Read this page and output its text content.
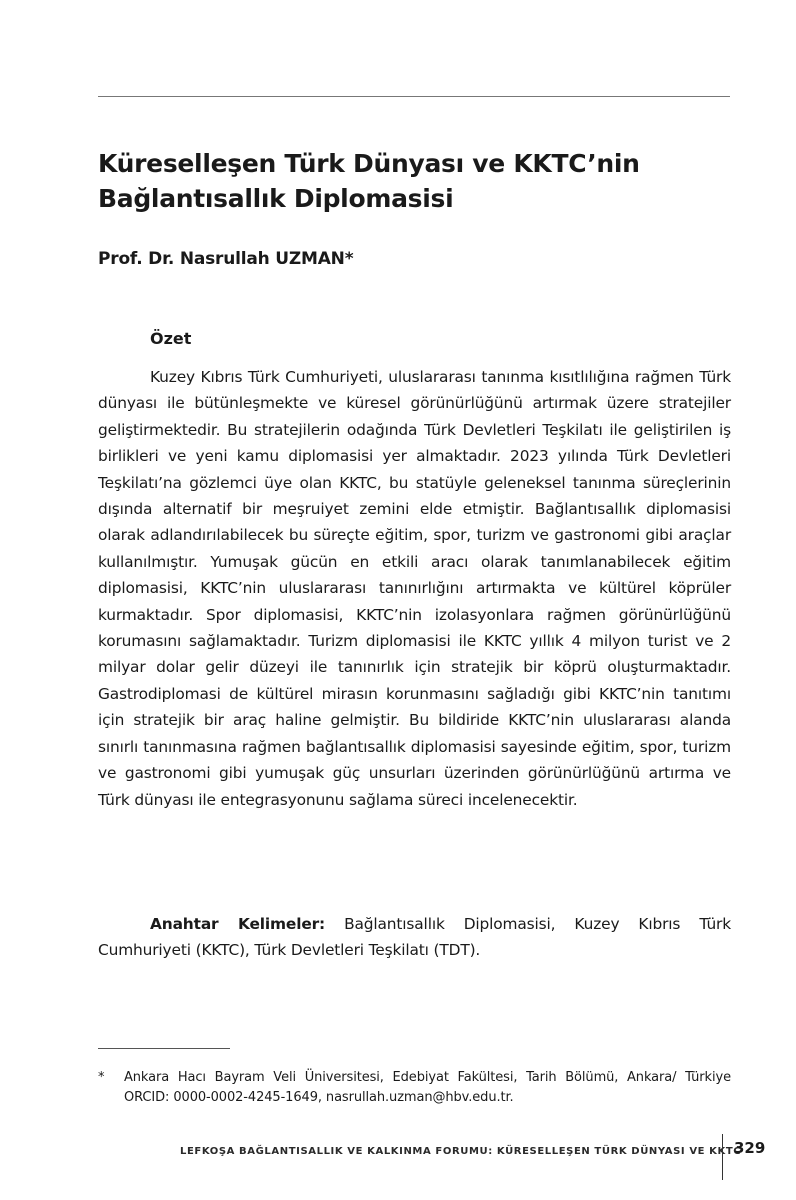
Küreselleşen Türk Dünyası ve KKTC’nin
Bağlantısallık Diplomasisi

Prof. Dr. Nasrullah UZMAN*

Özet

Kuzey Kıbrıs Türk Cumhuriyeti, uluslararası tanınma kısıtlılığına rağmen Türk dünyası ile bütünleşmekte ve küresel görünürlüğünü artırmak üzere stratejiler geliştirmektedir. Bu stratejilerin odağında Türk Devletleri Teşkilatı ile geliştirilen iş birlikleri ve yeni kamu diplomasisi yer almaktadır. 2023 yılında Türk Devletleri Teşkilatı’na gözlemci üye olan KKTC, bu statüyle geleneksel tanınma süreçlerinin dışında alternatif bir meşruiyet zemini elde etmiştir. Bağlantısallık diplomasisi olarak adlandırılabilecek bu süreçte eğitim, spor, turizm ve gastronomi gibi araçlar kullanılmıştır. Yumuşak gücün en etkili aracı olarak tanımlanabilecek eğitim diplomasisi, KKTC’nin uluslararası tanınırlığını artırmakta ve kültürel köprüler kurmaktadır. Spor diplomasisi, KKTC’nin izolasyonlara rağmen görünürlüğünü korumasını sağlamaktadır. Turizm diplomasisi ile KKTC yıllık 4 milyon turist ve 2 milyar dolar gelir düzeyi ile tanınırlık için stratejik bir köprü oluşturmaktadır. Gastrodiplomasi de kültürel mirasın korunmasını sağladığı gibi KKTC’nin tanıtımı için stratejik bir araç haline gelmiştir. Bu bildiride KKTC’nin uluslararası alanda sınırlı tanınmasına rağmen bağlantısallık diplomasisi sayesinde eğitim, spor, turizm ve gastronomi gibi yumuşak güç unsurları üzerinden görünürlüğünü artırma ve Türk dünyası ile entegrasyonunu sağlama süreci incelenecektir.

Anahtar Kelimeler: Bağlantısallık Diplomasisi, Kuzey Kıbrıs Türk Cumhuriyeti (KKTC), Türk Devletleri Teşkilatı (TDT).

* Ankara Hacı Bayram Veli Üniversitesi, Edebiyat Fakültesi, Tarih Bölümü, Ankara/ Türkiye ORCID: 0000-0002-4245-1649, nasrullah.uzman@hbv.edu.tr.
LEFKOŞA BAĞLANTISALLIK VE KALKINMA FORUMU: KÜRESELLEŞEN TÜRK DÜNYASI VE KKTC
329
